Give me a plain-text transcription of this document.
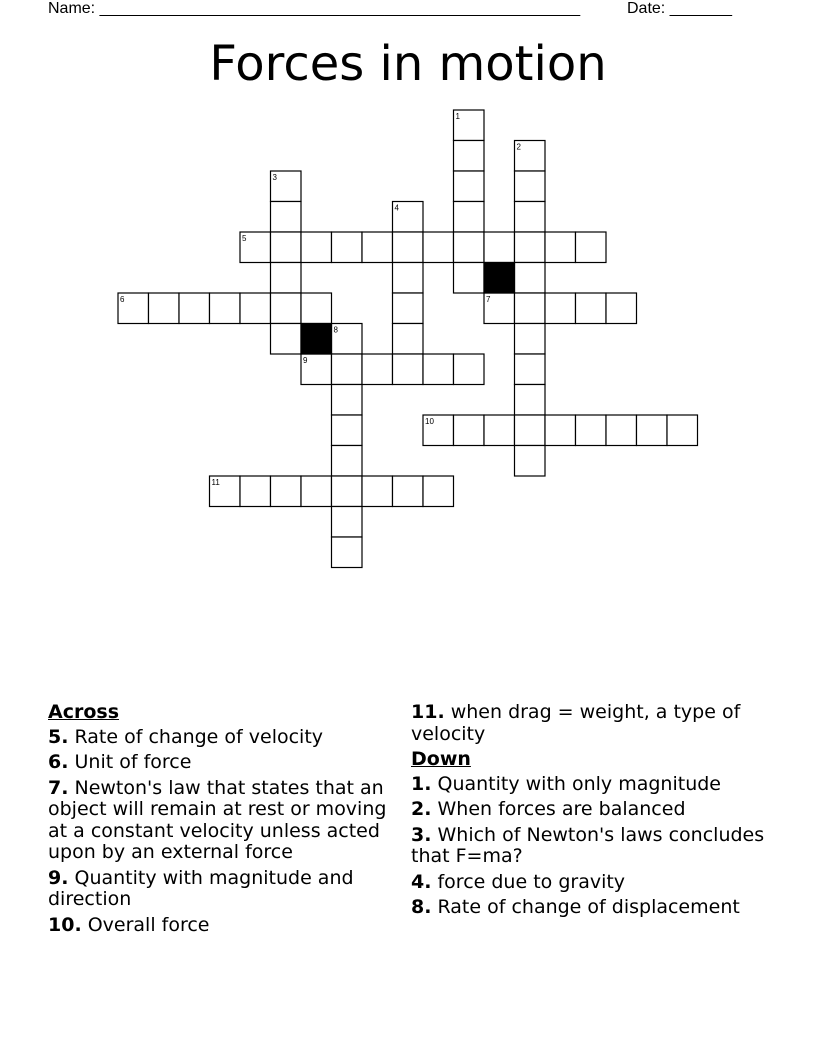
Name: ______________________________________________________	Date: _______
Forces in motion
1
2
3
4
5
6	7
8
9
10
11
Across
5. Rate of change of velocity
6. Unit of force
7. Newton's law that states that an object will remain at rest or moving at a constant velocity unless acted upon by an external force
9. Quantity with magnitude and direction
10. Overall force
11. when drag = weight, a type of velocity
Down
1. Quantity with only magnitude
2. When forces are balanced
3. Which of Newton's laws concludes that F=ma?
4. force due to gravity
8. Rate of change of displacement
